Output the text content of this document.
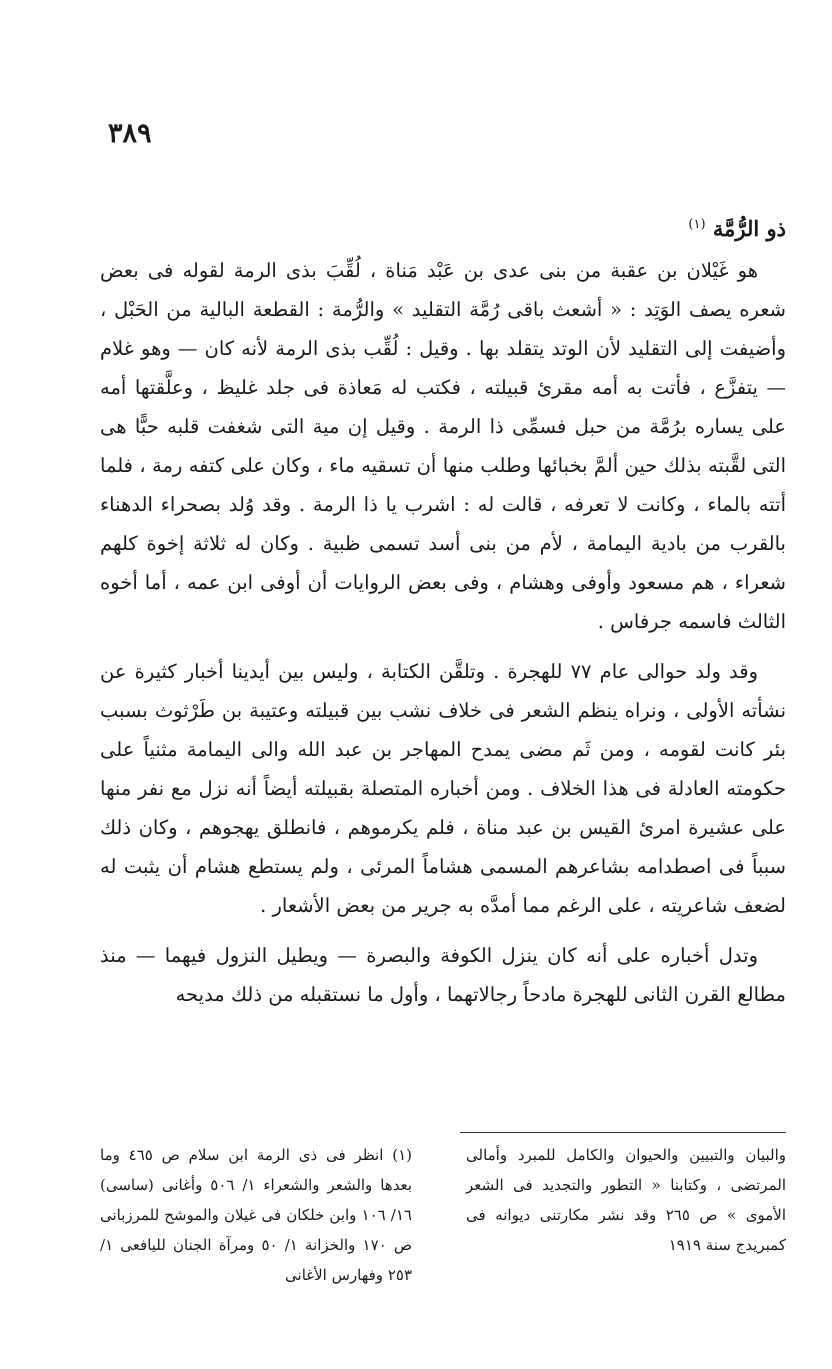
٣٨٩
ذو الرُّمَّة $^{(١)}$

هو غَيْلان بن عقبة من بنى عدى بن عَبْد مَناة ، لُقِّبَ بذى الرمة لقوله فى بعض شعره يصف الوَتِد : « أشعث باقى رُمَّة التقليد » والرُّمة : القطعة البالية من الحَبْل ، وأضيفت إلى التقليد لأن الوتد يتقلد بها . وقيل : لُقِّب بذى الرمة لأنه كان — وهو غلام — يتفزَّع ، فأتت به أمه مقرئ قبيلته ، فكتب له مَعاذة فى جلد غليظ ، وعلَّقتها أمه على يساره برُمَّة من حبل فسمِّى ذا الرمة . وقيل إن مية التى شغفت قلبه حبًّا هى التى لقَّبته بذلك حين ألمَّ بخبائها وطلب منها أن تسقيه ماء ، وكان على كتفه رمة ، فلما أتته بالماء ، وكانت لا تعرفه ، قالت له : اشرب يا ذا الرمة . وقد وُلد بصحراء الدهناء بالقرب من بادية اليمامة ، لأم من بنى أسد تسمى ظبية . وكان له ثلاثة إخوة كلهم شعراء ، هم مسعود وأوفى وهشام ، وفى بعض الروايات أن أوفى ابن عمه ، أما أخوه الثالث فاسمه جرفاس .

وقد ولد حوالى عام ٧٧ للهجرة . وتلقَّن الكتابة ، وليس بين أيدينا أخبار كثيرة عن نشأته الأولى ، ونراه ينظم الشعر فى خلاف نشب بين قبيلته وعتيبة بن طَرْثوث بسبب بئر كانت لقومه ، ومن ثَم مضى يمدح المهاجر بن عبد الله والى اليمامة مثنياً على حكومته العادلة فى هذا الخلاف . ومن أخباره المتصلة بقبيلته أيضاً أنه نزل مع نفر منها على عشيرة امرئ القيس بن عبد مناة ، فلم يكرموهم ، فانطلق يهجوهم ، وكان ذلك سبباً فى اصطدامه بشاعرهم المسمى هشاماً المرئى ، ولم يستطع هشام أن يثبت له لضعف شاعريته ، على الرغم مما أمدَّه به جرير من بعض الأشعار .

وتدل أخباره على أنه كان ينزل الكوفة والبصرة — ويطيل النزول فيهما — منذ مطالع القرن الثانى للهجرة مادحاً رجالاتهما ، وأول ما نستقبله من ذلك مديحه

(١) انظر فى ذى الرمة ابن سلام ص ٤٦٥ وما بعدها والشعر والشعراء ١/ ٥٠٦ وأغانى (ساسى) ١٦/ ١٠٦ وابن خلكان فى غيلان والموشح للمرزبانى ص ١٧٠ والخزانة ١/ ٥٠ ومرآة الجنان لليافعى ١/ ٢٥٣ وفهارس الأغانى

والبيان والتبيين والحيوان والكامل للمبرد وأمالى المرتضى ، وكتابنا « التطور والتجديد فى الشعر الأموى » ص ٢٦٥ وقد نشر مكارتنى ديوانه فى كمبريدج سنة ١٩١٩
